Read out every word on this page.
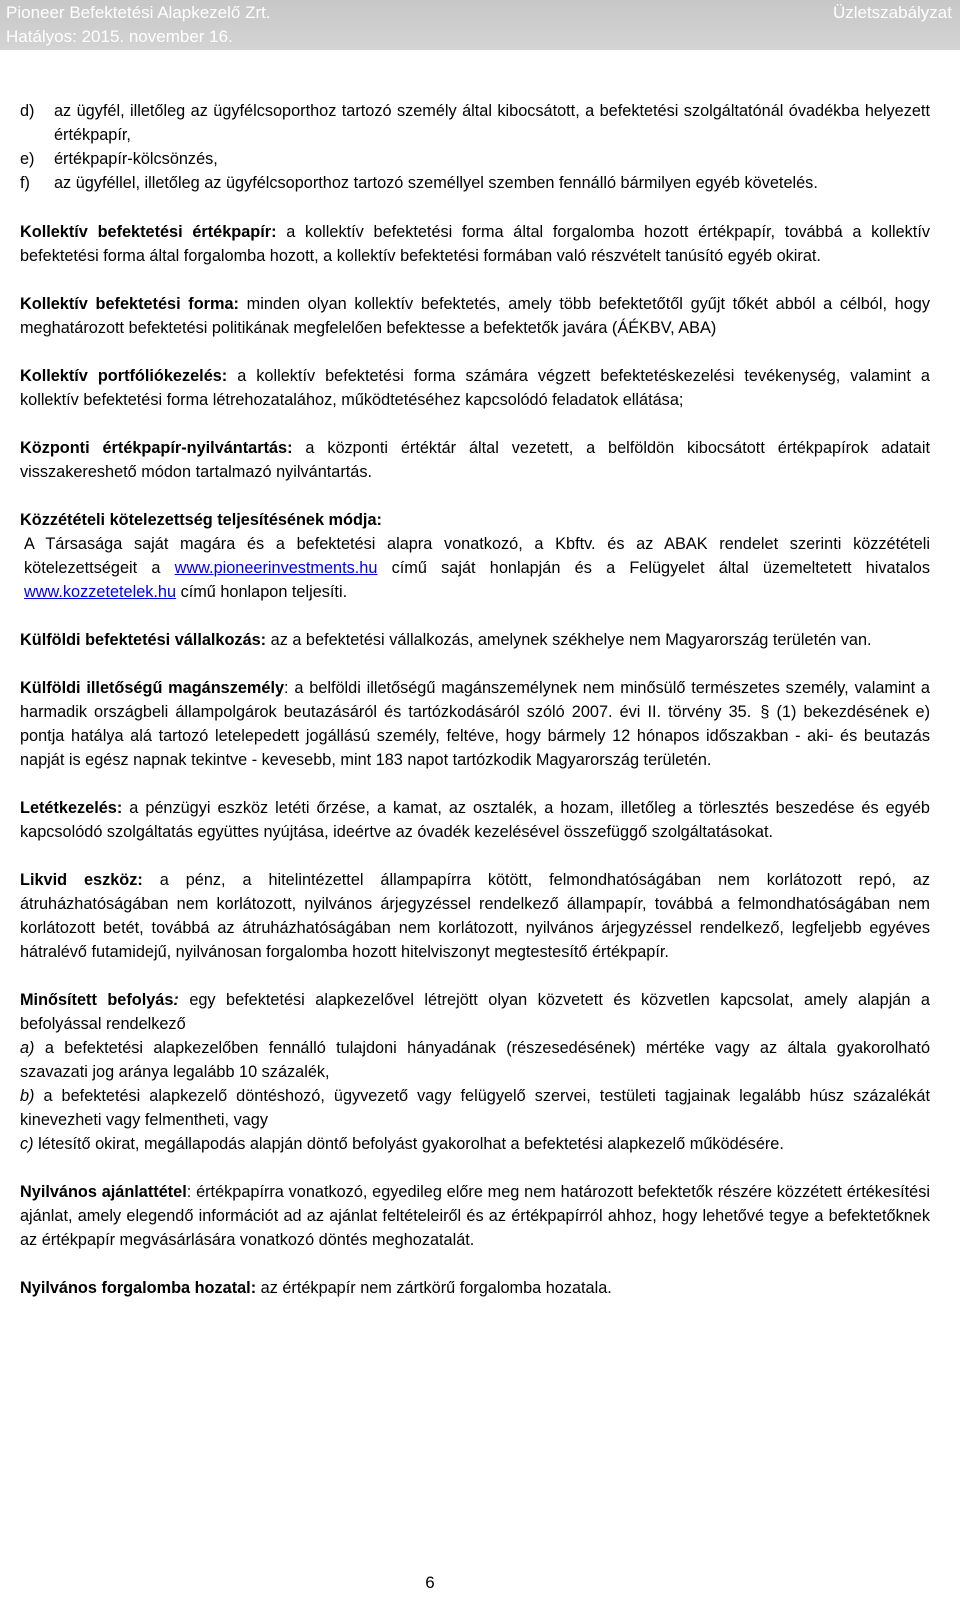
Pioneer Befektetési Alapkezelő Zrt.
Hatályos: 2015. november 16.
Üzletszabályzat
d)	az ügyfél, illetőleg az ügyfélcsoporthoz tartozó személy által kibocsátott, a befektetési szolgáltatónál óvadékba helyezett értékpapír,
e)	értékpapír-kölcsönzés,
f)	az ügyféllel, illetőleg az ügyfélcsoporthoz tartozó személlyel szemben fennálló bármilyen egyéb követelés.

Kollektív befektetési értékpapír: a kollektív befektetési forma által forgalomba hozott értékpapír, továbbá a kollektív befektetési forma által forgalomba hozott, a kollektív befektetési formában való részvételt tanúsító egyéb okirat.

Kollektív befektetési forma: minden olyan kollektív befektetés, amely több befektetőtől gyűjt tőkét abból a célból, hogy meghatározott befektetési politikának megfelelően befektesse a befektetők javára (ÁÉKBV, ABA)

Kollektív portfóliókezelés: a kollektív befektetési forma számára végzett befektetéskezelési tevékenység, valamint a kollektív befektetési forma létrehozatalához, működtetéséhez kapcsolódó feladatok ellátása;

Központi értékpapír-nyilvántartás: a központi értéktár által vezetett, a belföldön kibocsátott értékpapírok adatait visszakereshető módon tartalmazó nyilvántartás.

Közzétételi kötelezettség teljesítésének módja:

A Társasága saját magára és a befektetési alapra vonatkozó, a Kbftv. és az ABAK rendelet szerinti közzétételi kötelezettségeit a www.pioneerinvestments.hu című saját honlapján és a Felügyelet által üzemeltetett hivatalos www.kozzetetelek.hu című honlapon teljesíti.

Külföldi befektetési vállalkozás: az a befektetési vállalkozás, amelynek székhelye nem Magyarország területén van.

Külföldi illetőségű magánszemély: a belföldi illetőségű magánszemélynek nem minősülő természetes személy, valamint a harmadik országbeli állampolgárok beutazásáról és tartózkodásáról szóló 2007. évi II. törvény 35. § (1) bekezdésének e) pontja hatálya alá tartozó letelepedett jogállású személy, feltéve, hogy bármely 12 hónapos időszakban - aki- és beutazás napját is egész napnak tekintve - kevesebb, mint 183 napot tartózkodik Magyarország területén.

Letétkezelés: a pénzügyi eszköz letéti őrzése, a kamat, az osztalék, a hozam, illetőleg a törlesztés beszedése és egyéb kapcsolódó szolgáltatás együttes nyújtása, ideértve az óvadék kezelésével összefüggő szolgáltatásokat.

Likvid eszköz: a pénz, a hitelintézettel állampapírra kötött, felmondhatóságában nem korlátozott repó, az átruházhatóságában nem korlátozott, nyilvános árjegyzéssel rendelkező állampapír, továbbá a felmondhatóságában nem korlátozott betét, továbbá az átruházhatóságában nem korlátozott, nyilvános árjegyzéssel rendelkező, legfeljebb egyéves hátralévő futamidejű, nyilvánosan forgalomba hozott hitelviszonyt megtestesítő értékpapír.

Minősített befolyás: egy befektetési alapkezelővel létrejött olyan közvetett és közvetlen kapcsolat, amely alapján a befolyással rendelkező

a) a befektetési alapkezelőben fennálló tulajdoni hányadának (részesedésének) mértéke vagy az általa gyakorolható szavazati jog aránya legalább 10 százalék,

b) a befektetési alapkezelő döntéshozó, ügyvezető vagy felügyelő szervei, testületi tagjainak legalább húsz százalékát kinevezheti vagy felmentheti, vagy

c) létesítő okirat, megállapodás alapján döntő befolyást gyakorolhat a befektetési alapkezelő működésére.

Nyilvános ajánlattétel: értékpapírra vonatkozó, egyedileg előre meg nem határozott befektetők részére közzétett értékesítési ajánlat, amely elegendő információt ad az ajánlat feltételeiről és az értékpapírról ahhoz, hogy lehetővé tegye a befektetőknek az értékpapír megvásárlására vonatkozó döntés meghozatalát.

Nyilvános forgalomba hozatal: az értékpapír nem zártkörű forgalomba hozatala.

6
